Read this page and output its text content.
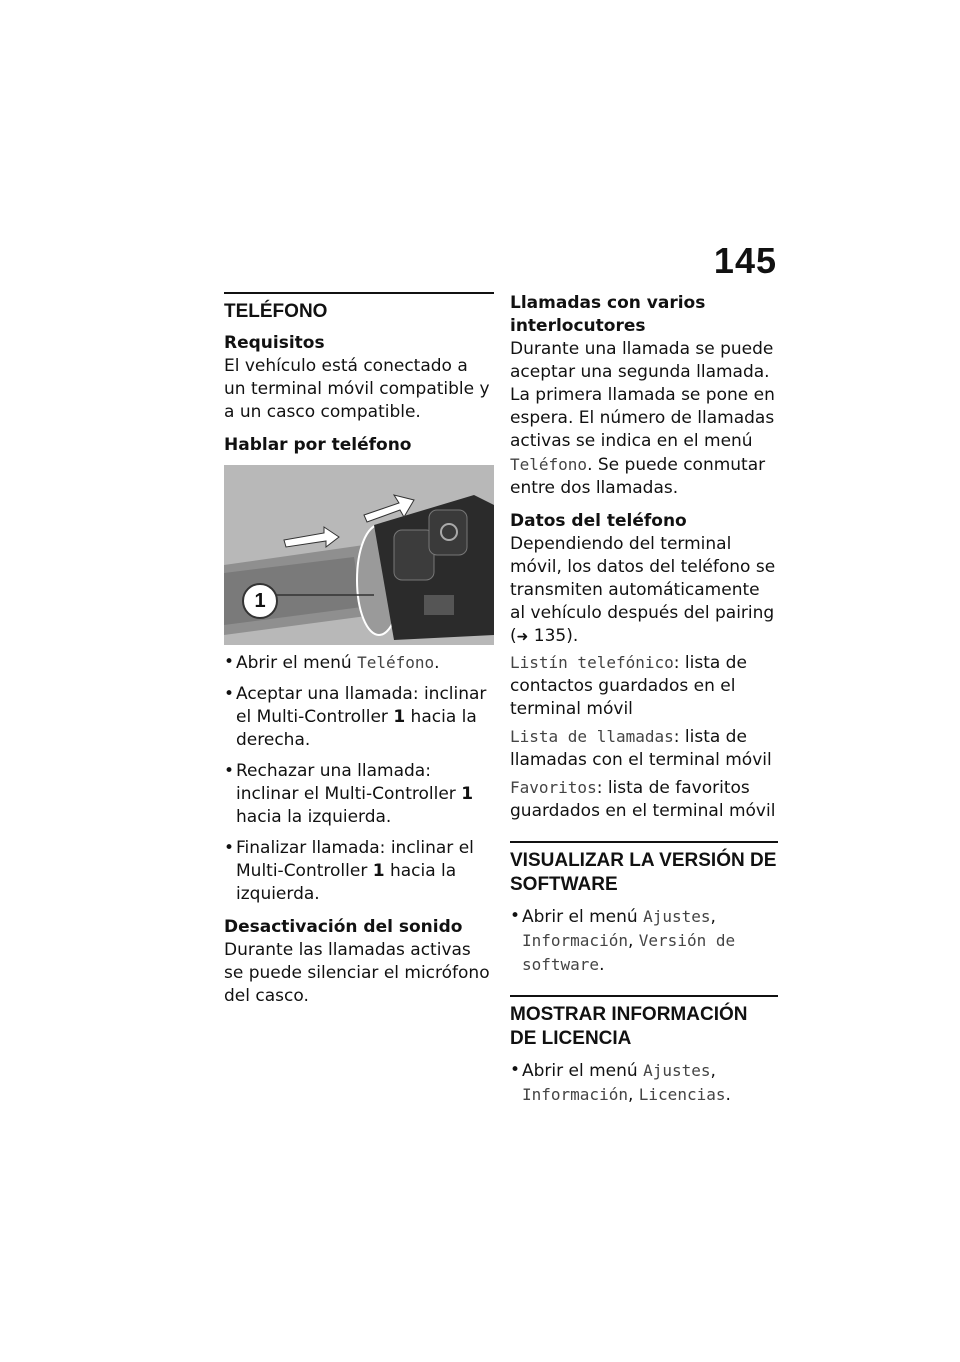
145
TELÉFONO
Requisitos

El vehículo está conectado a un terminal móvil compatible y a un casco compatible.

Hablar por teléfono
1
• Abrir el menú Teléfono.
• Aceptar una llamada: inclinar el Multi-Controller 1 hacia la derecha.
• Rechazar una llamada: inclinar el Multi-Controller 1 hacia la izquierda.
• Finalizar llamada: inclinar el Multi-Controller 1 hacia la izquierda.
Desactivación del sonido

Durante las llamadas activas se puede silenciar el micrófono del casco.

Llamadas con varios interlocutores

Durante una llamada se puede aceptar una segunda llamada. La primera llamada se pone en espera. El número de llamadas activas se indica en el menú Teléfono. Se puede conmutar entre dos llamadas.

Datos del teléfono

Dependiendo del terminal móvil, los datos del teléfono se transmiten automáticamente al vehículo después del pairing (➜ 135).

Listín telefónico: lista de contactos guardados en el terminal móvil
Lista de llamadas: lista de llamadas con el terminal móvil
Favoritos: lista de favoritos guardados en el terminal móvil
VISUALIZAR LA VERSIÓN DE SOFTWARE
• Abrir el menú Ajustes, Información, Versión de software.
MOSTRAR INFORMACIÓN DE LICENCIA
• Abrir el menú Ajustes, Información, Licencias.
